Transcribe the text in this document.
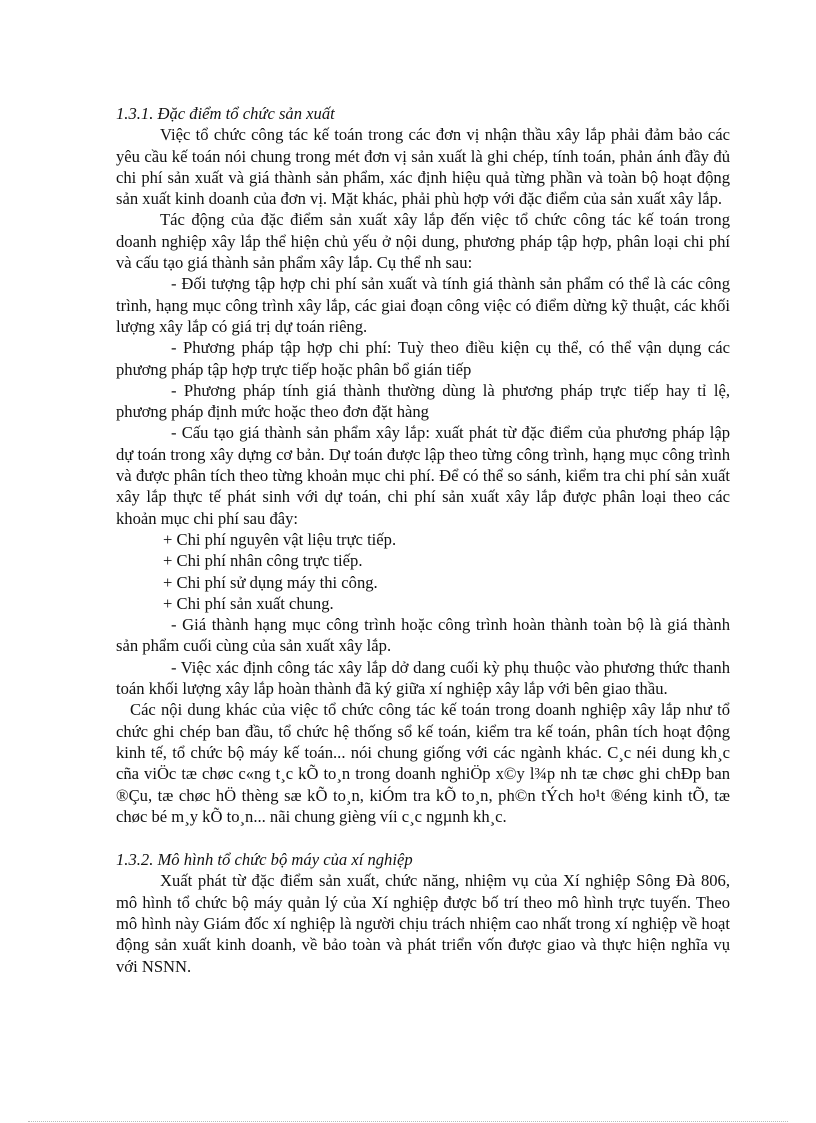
1.3.1. Đặc điểm tổ chức sản xuất

Việc tổ chức công tác kế toán trong các đơn vị nhận thầu xây lắp phải đảm bảo các yêu cầu kế toán nói chung trong mét đơn vị sản xuất là ghi chép, tính toán, phản ánh đầy đủ chi phí sản xuất và giá thành sản phẩm, xác định hiệu quả từng phần và toàn bộ hoạt động sản xuất kinh doanh của đơn vị. Mặt khác, phải phù hợp với đặc điểm của sản xuất xây lắp.

Tác động của đặc điểm sản xuất xây lắp đến việc tổ chức công tác kế toán trong doanh nghiệp xây lắp thể hiện chủ yếu ở nội dung, phương pháp tập hợp, phân loại chi phí và cấu tạo giá thành sản phẩm xây lắp. Cụ thể nh sau:

- Đối tượng tập hợp chi phí sản xuất và tính giá thành sản phẩm có thể là các công trình, hạng mục công trình xây lắp, các giai đoạn công việc có điểm dừng kỹ thuật, các khối lượng xây lắp có giá trị dự toán riêng.

- Phương pháp tập hợp chi phí: Tuỳ theo điều kiện cụ thể, có thể vận dụng các phương pháp tập hợp trực tiếp hoặc phân bổ gián tiếp

- Phương pháp tính giá thành thường dùng là phương pháp trực tiếp hay tỉ lệ, phương pháp định mức hoặc theo đơn đặt hàng

- Cấu tạo giá thành sản phẩm xây lắp: xuất phát từ đặc điểm của phương pháp lập dự toán trong xây dựng cơ bản. Dự toán được lập theo từng công trình, hạng mục công trình và được phân tích theo từng khoản mục chi phí. Để có thể so sánh, kiểm tra chi phí sản xuất xây lắp thực tế phát sinh với dự toán, chi phí sản xuất xây lắp được phân loại theo các khoản mục chi phí sau đây:

+ Chi phí nguyên vật liệu trực tiếp.

+ Chi phí nhân công trực tiếp.

+ Chi phí sử dụng máy thi công.

+ Chi phí sản xuất chung.

- Giá thành hạng mục công trình hoặc công trình hoàn thành toàn bộ là giá thành sản phẩm cuối cùng của sản xuất xây lắp.

- Việc xác định công tác xây lắp dở dang cuối kỳ phụ thuộc vào phương thức thanh toán khối lượng xây lắp hoàn thành đã ký giữa xí nghiệp xây lắp với bên giao thầu.

Các nội dung khác của việc tổ chức công tác kế toán trong doanh nghiệp xây lắp như tổ chức ghi chép ban đầu, tổ chức hệ thống sổ kế toán, kiểm tra kế toán, phân tích hoạt động kinh tế, tổ chức bộ máy kế toán... nói chung giống với các ngành khác. C¸c néi dung kh¸c cña viÖc tæ chøc c«ng t¸c kÕ to¸n trong doanh nghiÖp x©y l¾p nh tæ chøc ghi chÐp ban ®Çu, tæ chøc hÖ thèng sæ kÕ to¸n, kiÓm tra kÕ to¸n, ph©n tÝch ho¹t ®éng kinh tÕ, tæ chøc bé m¸y kÕ to¸n... nãi chung gièng víi c¸c ngµnh kh¸c.

1.3.2. Mô hình tổ chức bộ máy của xí nghiệp

Xuất phát từ đặc điểm sản xuất, chức năng, nhiệm vụ của Xí nghiệp Sông Đà 806, mô hình tổ chức bộ máy quản lý của Xí nghiệp được bố trí theo mô hình trực tuyến. Theo mô hình này Giám đốc xí nghiệp là người chịu trách nhiệm cao nhất trong xí nghiệp về hoạt động sản xuất kinh doanh, về bảo toàn và phát triển vốn được giao và thực hiện nghĩa vụ với NSNN.
